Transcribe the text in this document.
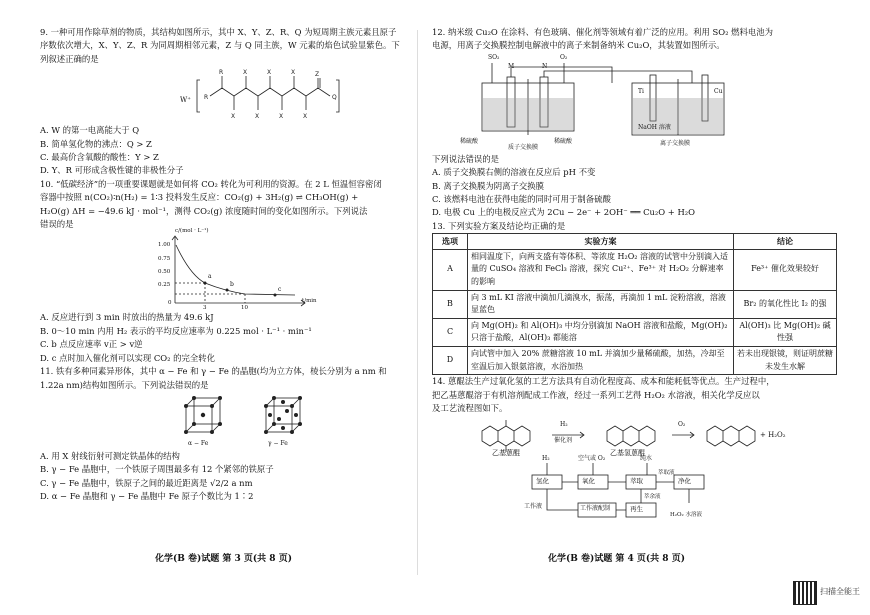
9. 一种可用作除草剂的物质，其结构如图所示，其中 X、Y、Z、R、Q 为短周期主族元素且原子

序数依次增大，X、Y、Z、R 为同周期相邻元素，Z 与 Q 同主族，W 元素的焰色试验显紫色。下

列叙述正确的是

W⁺
R	X	X	X
X	X	X	X
Z
Q
R

A. W 的第一电离能大于 Q

B. 简单氢化物的沸点：Q > Z

C. 最高价含氧酸的酸性：Y > Z

D. Y、R 可形成含极性键的非极性分子

10. “低碳经济”的一项重要课题就是如何将 CO₂ 转化为可利用的资源。在 2 L 恒温恒容密闭

容器中按照 n(CO₂)∶n(H₂) = 1∶3 投料发生反应：CO₂(g) + 3H₂(g) ⇌ CH₃OH(g) +

H₂O(g) ΔH = −49.6 kJ · mol⁻¹，测得 CO₂(g) 浓度随时间的变化如图所示。下列说法

错误的是

c/(mol · L⁻¹)
t/min
1.00
0.75
0.50
0.25
0
3	10
a
b
c

A. 反应进行到 3 min 时放出的热量为 49.6 kJ

B. 0～10 min 内用 H₂ 表示的平均反应速率为 0.225 mol · L⁻¹ · min⁻¹

C. b 点反应速率 v正 > v逆

D. c 点时加入催化剂可以实现 CO₂ 的完全转化

11. 铁有多种同素异形体，其中 α − Fe 和 γ − Fe 的晶胞(均为立方体，棱长分别为 a nm 和

1.22a nm)结构如图所示。下列说法错误的是

α − Fe	γ − Fe

A. 用 X 射线衍射可测定铁晶体的结构

B. γ − Fe 晶胞中，一个铁原子周围最多有 12 个紧邻的铁原子

C. γ − Fe 晶胞中，铁原子之间的最近距离是 √2/2 a nm

D. α − Fe 晶胞和 γ − Fe 晶胞中 Fe 原子个数比为 1∶2

化学(B 卷)试题 第 3 页(共 8 页)

12. 纳米级 Cu₂O 在涂料、有色玻璃、催化剂等领域有着广泛的应用。利用 SO₂ 燃料电池为

电源，用离子交换膜控制电解液中的离子来制备纳米 Cu₂O，其装置如图所示。

SO₂	O₂
M	N
稀硫酸
质子交换膜
稀硫酸
Ti	Cu
NaOH 溶液
离子交换膜

下列说法错误的是

A. 质子交换膜右侧的溶液在反应后 pH 不变

B. 离子交换膜为阴离子交换膜

C. 该燃料电池在获得电能的同时可用于制备硫酸

D. 电极 Cu 上的电极反应式为 2Cu − 2e⁻ + 2OH⁻ ══ Cu₂O + H₂O

13. 下列实验方案及结论均正确的是

选项	实验方案	结论
A	相同温度下，向两支盛有等体积、等浓度 H₂O₂ 溶液的试管中分别滴入适量的 CuSO₄ 溶液和 FeCl₃ 溶液，探究 Cu²⁺、Fe³⁺ 对 H₂O₂ 分解速率的影响	Fe³⁺ 催化效果较好
B	向 3 mL KI 溶液中滴加几滴溴水，振荡，再滴加 1 mL 淀粉溶液，溶液显蓝色	Br₂ 的氧化性比 I₂ 的强
C	向 Mg(OH)₂ 和 Al(OH)₃ 中均分别滴加 NaOH 溶液和盐酸，Mg(OH)₂ 只溶于盐酸，Al(OH)₃ 都能溶	Al(OH)₃ 比 Mg(OH)₂ 碱性强
D	向试管中加入 20% 蔗糖溶液 10 mL 并滴加少量稀硫酸，加热，冷却至室温后加入银氨溶液，水浴加热	若未出现银镜，则证明蔗糖未发生水解

14. 蒽醌法生产过氧化氢的工艺方法具有自动化程度高、成本和能耗低等优点。生产过程中，

把乙基蒽醌溶于有机溶剂配成工作液，经过一系列工艺得 H₂O₂ 水溶液，相关化学反应以

及工艺流程图如下。

H₂
催化剂
O₂
+ H₂O₂
乙基蒽醌	乙基氢蒽醌
氢化	氧化	萃取	净化
再生
工作液配制
工作液
H₂	空气或 O₂	纯水
萃取液
萃余液
H₂O₂ 水溶液
化学(B 卷)试题 第 4 页(共 8 页)
扫描全能王
